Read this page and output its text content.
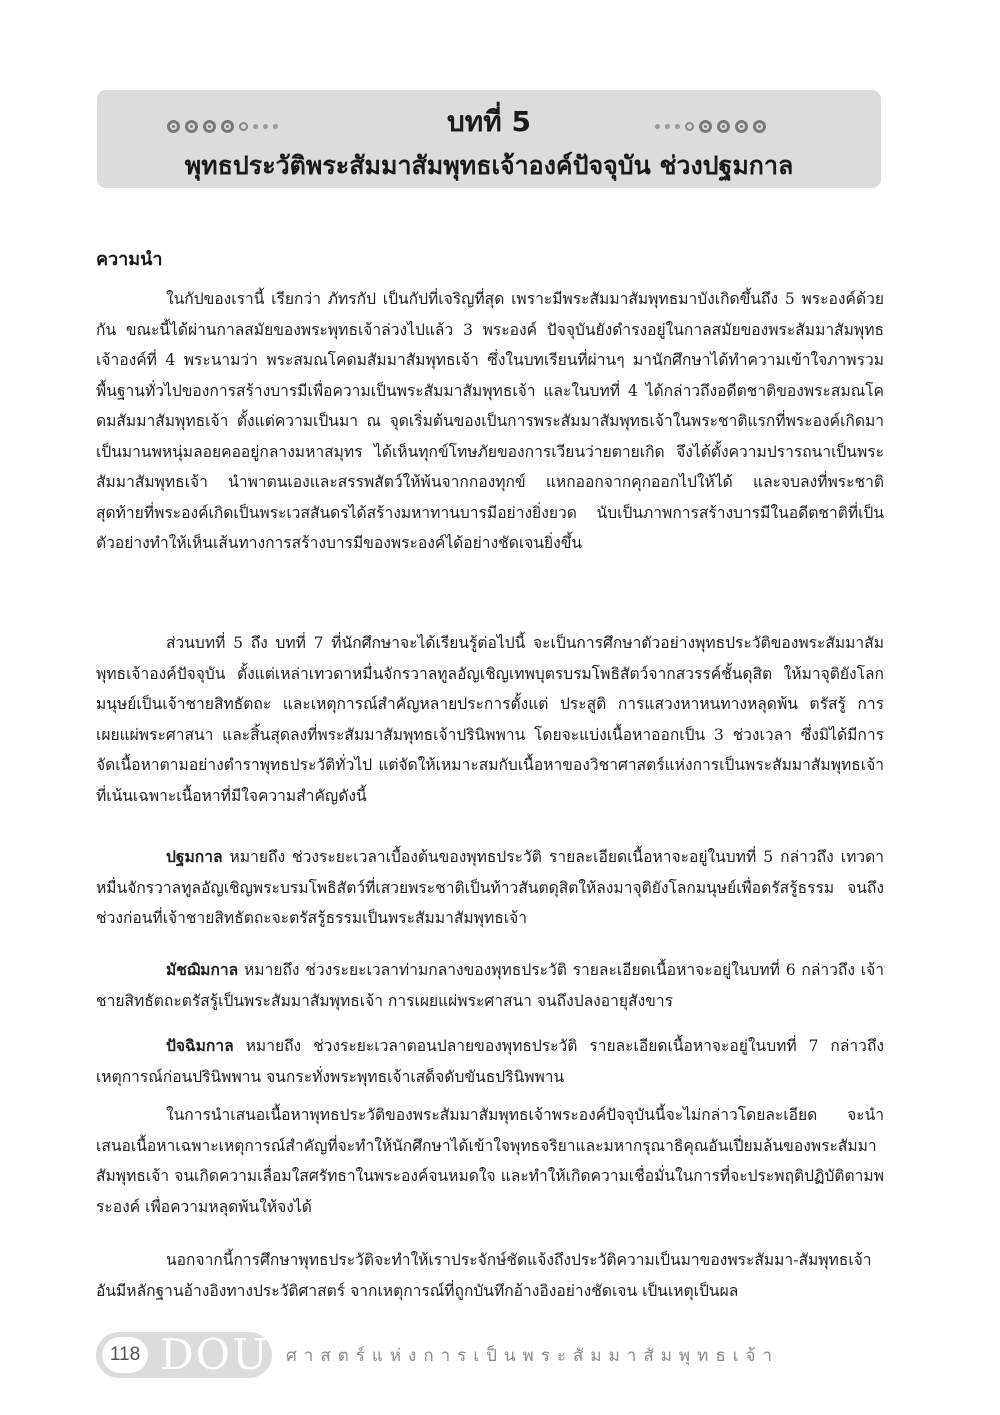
บทที่ 5
พุทธประวัติพระสัมมาสัมพุทธเจ้าองค์ปัจจุบัน ช่วงปฐมกาล
ความนำ

ในกัปของเรานี้ เรียกว่า ภัทรกัป เป็นกัปที่เจริญที่สุด เพราะมีพระสัมมาสัมพุทธมาบังเกิดขึ้นถึง 5 พระองค์ด้วยกัน ขณะนี้ได้ผ่านกาลสมัยของพระพุทธเจ้าล่วงไปแล้ว 3 พระองค์ ปัจจุบันยังดำรงอยู่ในกาลสมัยของพระสัมมาสัมพุทธเจ้าองค์ที่ 4 พระนามว่า พระสมณโคดมสัมมาสัมพุทธเจ้า ซึ่งในบทเรียนที่ผ่านๆ มานักศึกษาได้ทำความเข้าใจภาพรวมพื้นฐานทั่วไปของการสร้างบารมีเพื่อความเป็นพระสัมมาสัมพุทธเจ้า และในบทที่ 4 ได้กล่าวถึงอดีตชาติของพระสมณโคดมสัมมาสัมพุทธเจ้า ตั้งแต่ความเป็นมา ณ จุดเริ่มต้นของเป็นการพระสัมมาสัมพุทธเจ้าในพระชาติแรกที่พระองค์เกิดมาเป็นมานพหนุ่มลอยคออยู่กลางมหาสมุทร ได้เห็นทุกข์โทษภัยของการเวียนว่ายตายเกิด จึงได้ตั้งความปรารถนาเป็นพระสัมมาสัมพุทธเจ้า นำพาตนเองและสรรพสัตว์ให้พ้นจากกองทุกข์ แหกออกจากคุกออกไปให้ได้ และจบลงที่พระชาติสุดท้ายที่พระองค์เกิดเป็นพระเวสสันดรได้สร้างมหาทานบารมีอย่างยิ่งยวด นับเป็นภาพการสร้างบารมีในอดีตชาติที่เป็นตัวอย่างทำให้เห็นเส้นทางการสร้างบารมีของพระองค์ได้อย่างชัดเจนยิ่งขึ้น

ส่วนบทที่ 5 ถึง บทที่ 7 ที่นักศึกษาจะได้เรียนรู้ต่อไปนี้ จะเป็นการศึกษาตัวอย่างพุทธประวัติของพระสัมมาสัมพุทธเจ้าองค์ปัจจุบัน ตั้งแต่เหล่าเทวดาหมื่นจักรวาลทูลอัญเชิญเทพบุตรบรมโพธิสัตว์จากสวรรค์ชั้นดุสิต ให้มาจุติยังโลกมนุษย์เป็นเจ้าชายสิทธัตถะ และเหตุการณ์สำคัญหลายประการตั้งแต่ ประสูติ การแสวงหาหนทางหลุดพ้น ตรัสรู้ การเผยแผ่พระศาสนา และสิ้นสุดลงที่พระสัมมาสัมพุทธเจ้าปรินิพพาน โดยจะแบ่งเนื้อหาออกเป็น 3 ช่วงเวลา ซึ่งมิได้มีการจัดเนื้อหาตามอย่างตำราพุทธประวัติทั่วไป แต่จัดให้เหมาะสมกับเนื้อหาของวิชาศาสตร์แห่งการเป็นพระสัมมาสัมพุทธเจ้าที่เน้นเฉพาะเนื้อหาที่มีใจความสำคัญดังนี้

ปฐมกาล หมายถึง ช่วงระยะเวลาเบื้องต้นของพุทธประวัติ รายละเอียดเนื้อหาจะอยู่ในบทที่ 5 กล่าวถึง เทวดาหมื่นจักรวาลทูลอัญเชิญพระบรมโพธิสัตว์ที่เสวยพระชาติเป็นท้าวสันตดุสิตให้ลงมาจุติยังโลกมนุษย์เพื่อตรัสรู้ธรรม จนถึงช่วงก่อนที่เจ้าชายสิทธัตถะจะตรัสรู้ธรรมเป็นพระสัมมาสัมพุทธเจ้า

มัชฌิมกาล หมายถึง ช่วงระยะเวลาท่ามกลางของพุทธประวัติ รายละเอียดเนื้อหาจะอยู่ในบทที่ 6 กล่าวถึง เจ้าชายสิทธัตถะตรัสรู้เป็นพระสัมมาสัมพุทธเจ้า การเผยแผ่พระศาสนา จนถึงปลงอายุสังขาร

ปัจฉิมกาล หมายถึง ช่วงระยะเวลาตอนปลายของพุทธประวัติ รายละเอียดเนื้อหาจะอยู่ในบทที่ 7 กล่าวถึง เหตุการณ์ก่อนปรินิพพาน จนกระทั่งพระพุทธเจ้าเสด็จดับขันธปรินิพพาน

ในการนำเสนอเนื้อหาพุทธประวัติของพระสัมมาสัมพุทธเจ้าพระองค์ปัจจุบันนี้จะไม่กล่าวโดยละเอียด จะนำเสนอเนื้อหาเฉพาะเหตุการณ์สำคัญที่จะทำให้นักศึกษาได้เข้าใจพุทธจริยาและมหากรุณาธิคุณอันเปี่ยมล้นของพระสัมมาสัมพุทธเจ้า จนเกิดความเลื่อมใสศรัทธาในพระองค์จนหมดใจ และทำให้เกิดความเชื่อมั่นในการที่จะประพฤติปฏิบัติตามพระองค์ เพื่อความหลุดพ้นให้จงได้

นอกจากนี้การศึกษาพุทธประวัติจะทำให้เราประจักษ์ชัดแจ้งถึงประวัติความเป็นมาของพระสัมมา-สัมพุทธเจ้า อันมีหลักฐานอ้างอิงทางประวัติศาสตร์ จากเหตุการณ์ที่ถูกบันทึกอ้างอิงอย่างชัดเจน เป็นเหตุเป็นผล

118 DOU ศาสตร์แห่งการเป็นพระสัมมาสัมพุทธเจ้า
